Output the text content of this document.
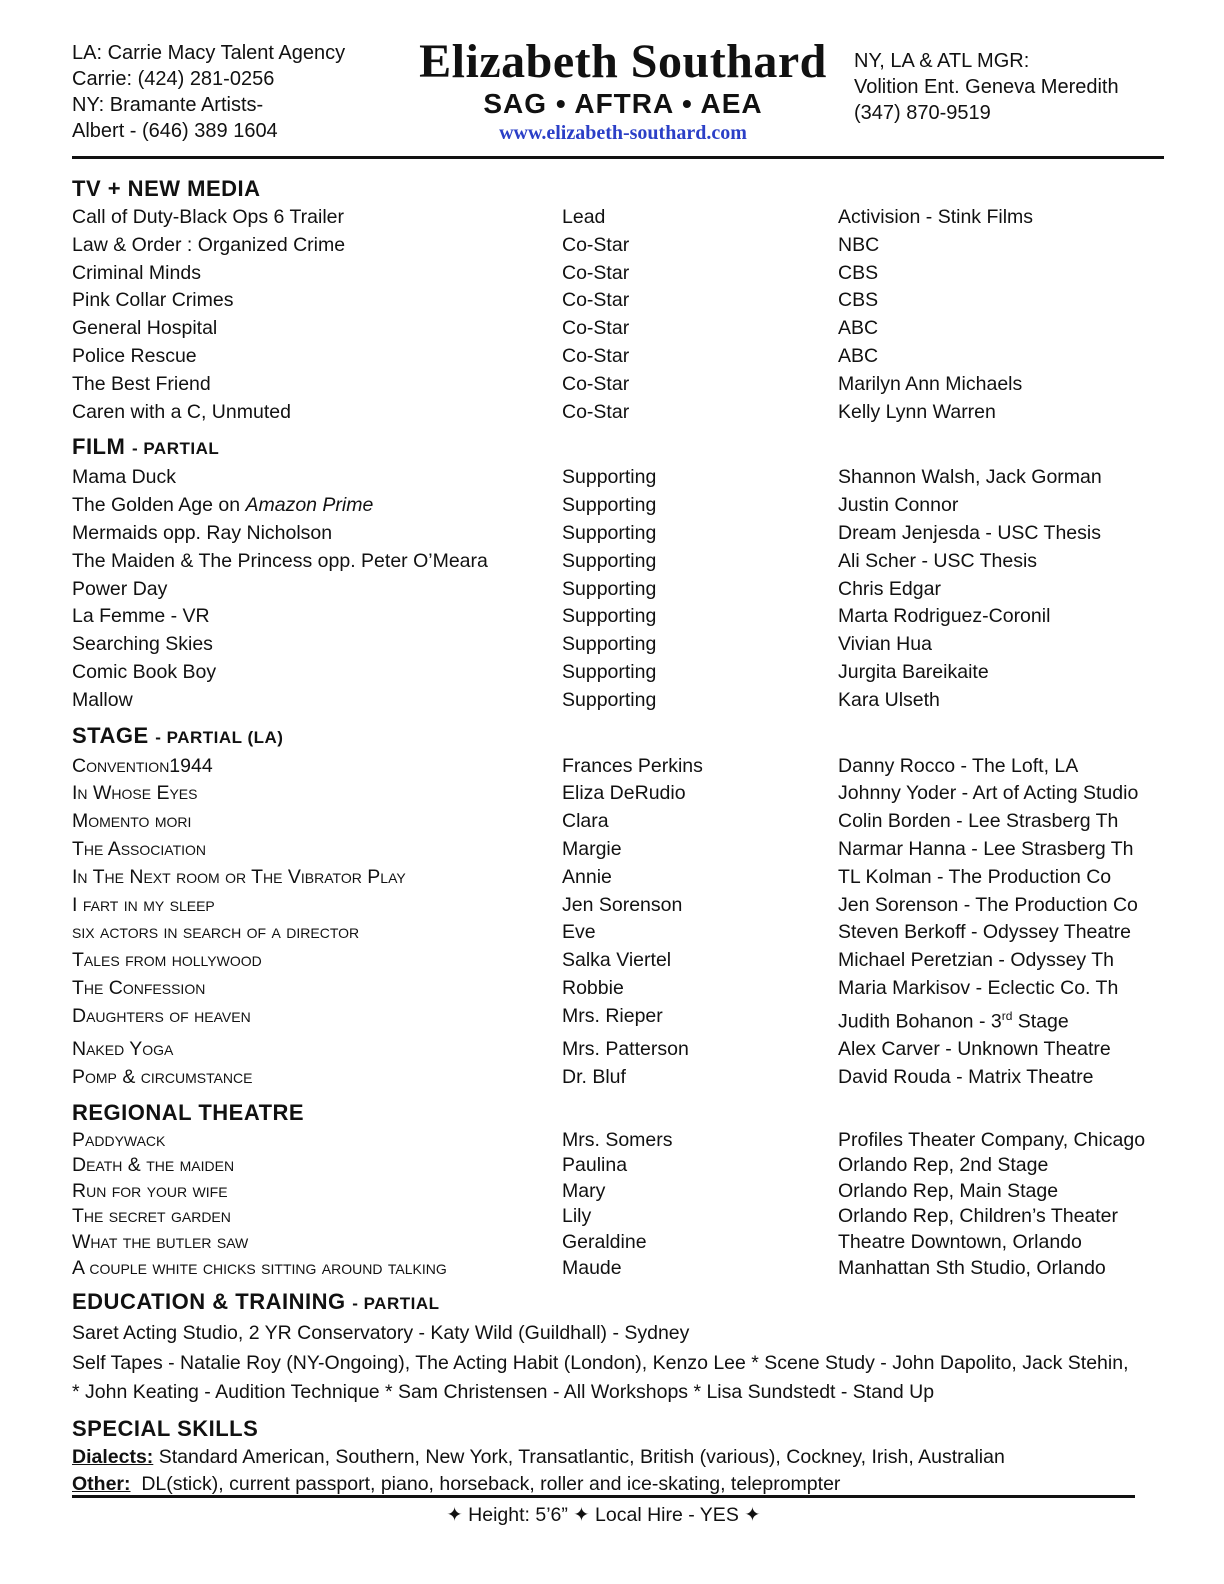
LA: Carrie Macy Talent Agency
Carrie: (424) 281-0256
NY: Bramante Artists-
Albert - (646) 389 1604
Elizabeth Southard
SAG • AFTRA • AEA
www.elizabeth-southard.com
NY, LA & ATL MGR:
Volition Ent. Geneva Meredith
(347) 870-9519
TV + NEW MEDIA
Call of Duty-Black Ops 6 Trailer	Lead	Activision - Stink Films
Law & Order : Organized Crime	Co-Star	NBC
Criminal Minds	Co-Star	CBS
Pink Collar Crimes	Co-Star	CBS
General Hospital	Co-Star	ABC
Police Rescue	Co-Star	ABC
The Best Friend	Co-Star	Marilyn Ann Michaels
Caren with a C, Unmuted	Co-Star	Kelly Lynn Warren
FILM - PARTIAL
Mama Duck	Supporting	Shannon Walsh, Jack Gorman
The Golden Age on Amazon Prime	Supporting	Justin Connor
Mermaids opp. Ray Nicholson	Supporting	Dream Jenjesda - USC Thesis
The Maiden & The Princess opp. Peter O’Meara	Supporting	Ali Scher - USC Thesis
Power Day	Supporting	Chris Edgar
La Femme - VR	Supporting	Marta Rodriguez-Coronil
Searching Skies	Supporting	Vivian Hua
Comic Book Boy	Supporting	Jurgita Bareikaite
Mallow	Supporting	Kara Ulseth
STAGE - PARTIAL (LA)
Convention1944	Frances Perkins	Danny Rocco - The Loft, LA
In Whose Eyes	Eliza DeRudio	Johnny Yoder - Art of Acting Studio
Momento mori	Clara	Colin Borden - Lee Strasberg Th
The Association	Margie	Narmar Hanna - Lee Strasberg Th
In The Next room or The Vibrator Play	Annie	TL Kolman - The Production Co
I fart in my sleep	Jen Sorenson	Jen Sorenson - The Production Co
six actors in search of a director	Eve	Steven Berkoff - Odyssey Theatre
Tales from hollywood	Salka Viertel	Michael Peretzian - Odyssey Th
The Confession	Robbie	Maria Markisov - Eclectic Co. Th
Daughters of heaven	Mrs. Rieper	Judith Bohanon - 3rd Stage
Naked Yoga	Mrs. Patterson	Alex Carver - Unknown Theatre
Pomp & circumstance	Dr. Bluf	David Rouda - Matrix Theatre
REGIONAL THEATRE
Paddywack	Mrs. Somers	Profiles Theater Company, Chicago
Death & the maiden	Paulina	Orlando Rep, 2nd Stage
Run for your wife	Mary	Orlando Rep, Main Stage
The secret garden	Lily	Orlando Rep, Children’s Theater
What the butler saw	Geraldine	Theatre Downtown, Orlando
A couple white chicks sitting around talking	Maude	Manhattan Sth Studio, Orlando
EDUCATION & TRAINING - PARTIAL
Saret Acting Studio, 2 YR Conservatory - Katy Wild (Guildhall) - Sydney
Self Tapes - Natalie Roy (NY-Ongoing), The Acting Habit (London), Kenzo Lee * Scene Study - John Dapolito, Jack Stehin,
* John Keating - Audition Technique * Sam Christensen - All Workshops * Lisa Sundstedt - Stand Up
SPECIAL SKILLS
Dialects: Standard American, Southern, New York, Transatlantic, British (various), Cockney, Irish, Australian
Other: DL(stick), current passport, piano, horseback, roller and ice-skating, teleprompter
✦ Height: 5’6” ✦ Local Hire - YES ✦
